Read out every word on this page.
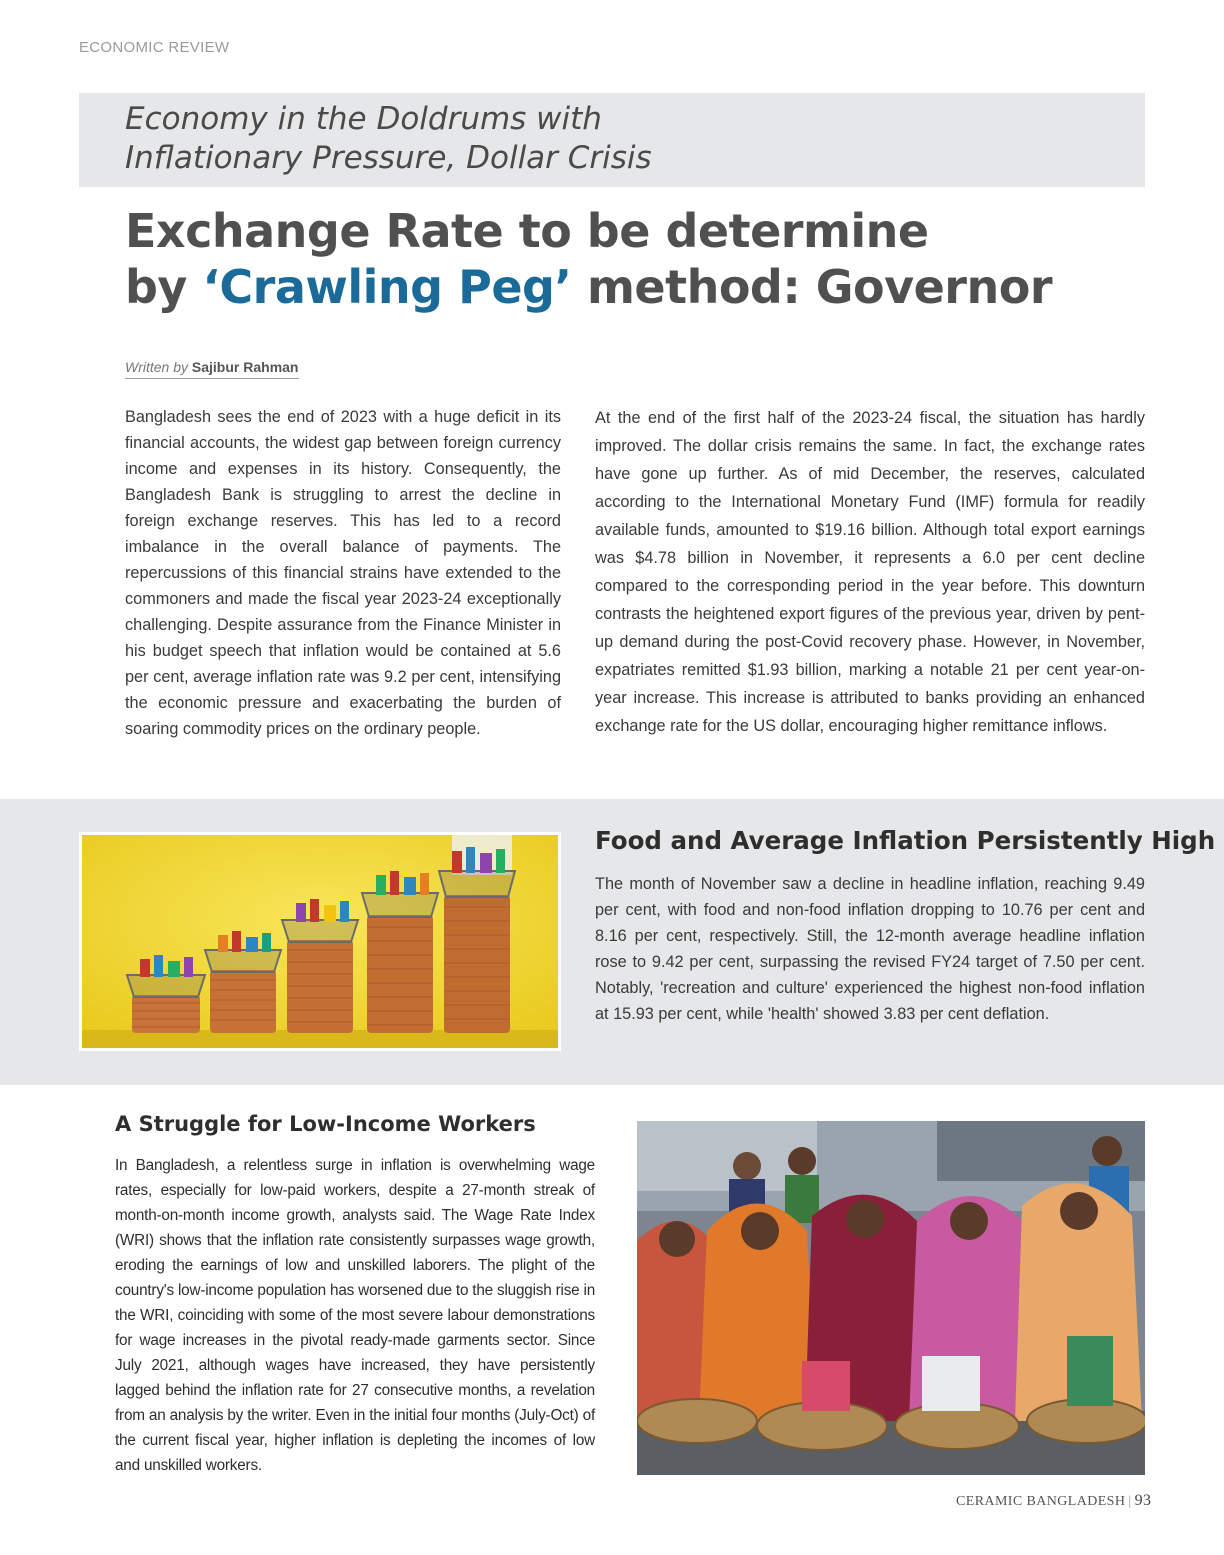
ECONOMIC REVIEW
Economy in the Doldrums with
Inflationary Pressure, Dollar Crisis
Exchange Rate to be determine
by ‘Crawling Peg’ method: Governor
Written by Sajibur Rahman

Bangladesh sees the end of 2023 with a huge deficit in its financial accounts, the widest gap between foreign currency income and expenses in its history. Consequently, the Bangladesh Bank is struggling to arrest the decline in foreign exchange reserves. This has led to a record imbalance in the overall balance of payments. The repercussions of this financial strains have extended to the commoners and made the fiscal year 2023-24 exceptionally challenging. Despite assurance from the Finance Minister in his budget speech that inflation would be contained at 5.6 per cent, average inflation rate was 9.2 per cent, intensifying the economic pressure and exacerbating the burden of soaring commodity prices on the ordinary people.

At the end of the first half of the 2023-24 fiscal, the situation has hardly improved. The dollar crisis remains the same. In fact, the exchange rates have gone up further. As of mid December, the reserves, calculated according to the International Monetary Fund (IMF) formula for readily available funds, amounted to $19.16 billion. Although total export earnings was $4.78 billion in November, it represents a 6.0 per cent decline compared to the corresponding period in the year before. This downturn contrasts the heightened export figures of the previous year, driven by pent-up demand during the post-Covid recovery phase. However, in November, expatriates remitted $1.93 billion, marking a notable 21 per cent year-on-year increase. This increase is attributed to banks providing an enhanced exchange rate for the US dollar, encouraging higher remittance inflows.

Food and Average Inflation Persistently High

The month of November saw a decline in headline inflation, reaching 9.49 per cent, with food and non-food inflation dropping to 10.76 per cent and 8.16 per cent, respectively. Still, the 12-month average headline inflation rose to 9.42 per cent, surpassing the revised FY24 target of 7.50 per cent. Notably, 'recreation and culture' experienced the highest non-food inflation at 15.93 per cent, while 'health' showed 3.83 per cent deflation.

A Struggle for Low-Income Workers

In Bangladesh, a relentless surge in inflation is overwhelming wage rates, especially for low-paid workers, despite a 27-month streak of month-on-month income growth, analysts said. The Wage Rate Index (WRI) shows that the inflation rate consistently surpasses wage growth, eroding the earnings of low and unskilled laborers. The plight of the country's low-income population has worsened due to the sluggish rise in the WRI, coinciding with some of the most severe labour demonstrations for wage increases in the pivotal ready-made garments sector. Since July 2021, although wages have increased, they have persistently lagged behind the inflation rate for 27 consecutive months, a revelation from an analysis by the writer. Even in the initial four months (July-Oct) of the current fiscal year, higher inflation is depleting the incomes of low and unskilled workers.

CERAMIC BANGLADESH | 93
